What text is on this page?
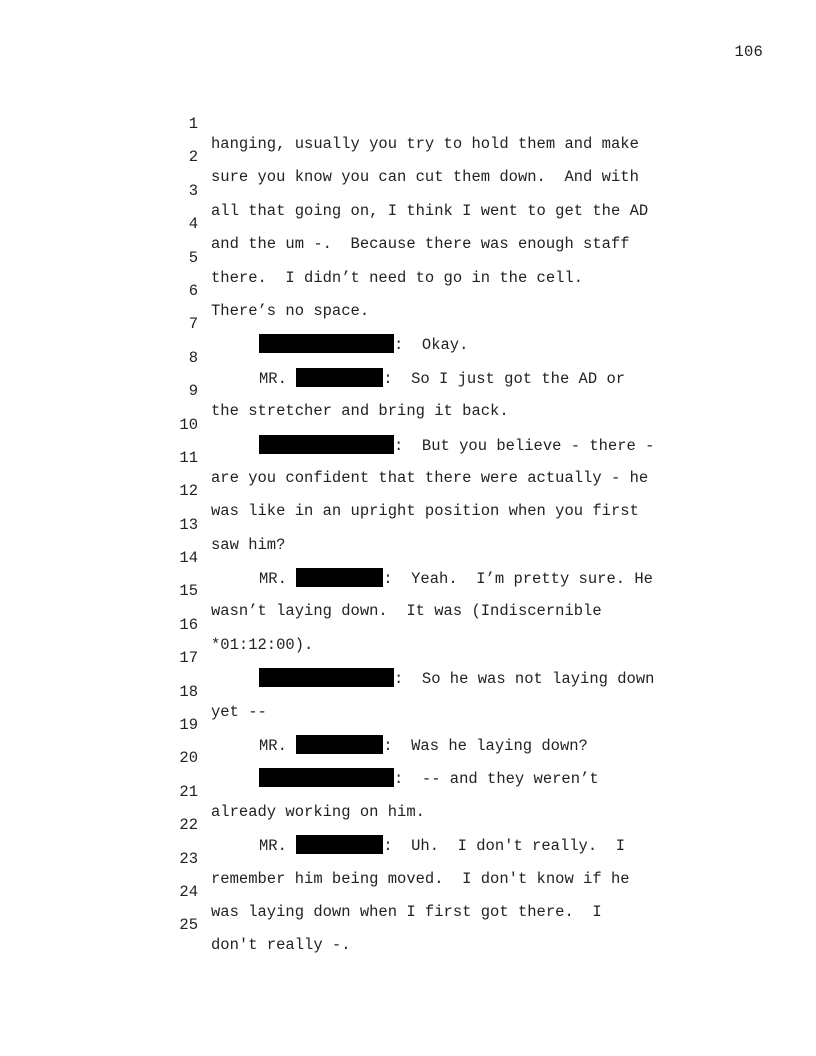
106

1

hanging, usually you try to hold them and make

2

sure you know you can cut them down.  And with

3

all that going on, I think I went to get the AD

4

and the um -.  Because there was enough staff

5

there.  I didn’t need to go in the cell.

6

There’s no space.

7

:  Okay.

8

MR.	:  So I just got the AD or

9

the stretcher and bring it back.

10

:  But you believe - there -

11

are you confident that there were actually - he

12

was like in an upright position when you first

13

saw him?

14

MR.	:  Yeah.  I’m pretty sure. He

15

wasn’t laying down.  It was (Indiscernible

16

*01:12:00).

17

:  So he was not laying down

18

yet --

19

MR.	:  Was he laying down?

20

:  -- and they weren’t

21

already working on him.

22

MR.	:  Uh.  I don't really.  I

23

remember him being moved.  I don't know if he

24

was laying down when I first got there.  I

25

don't really -.
